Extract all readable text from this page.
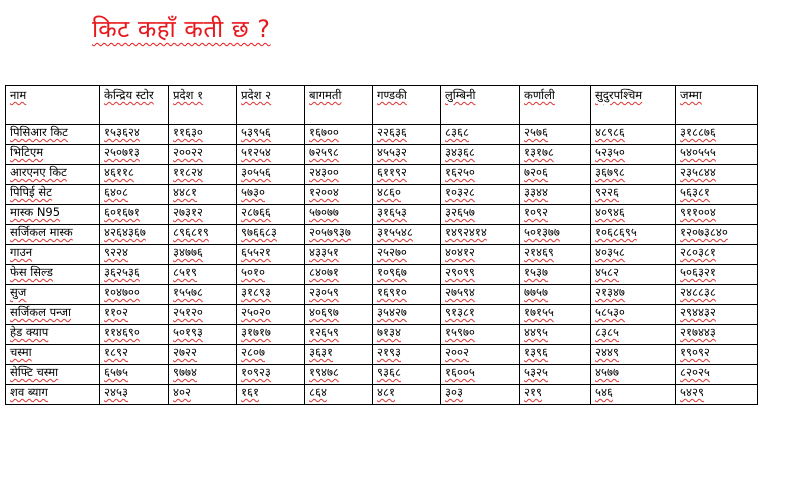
किट कहाँ कती छ ?
नाम	केन्द्रिय स्टोर	प्रदेश १	प्रदेश २	बागमती	गण्डकी	लुम्बिनी	कर्णाली	सुदुरपश्चिम	जम्मा
पिसिआर किट	१५३६२४	११६३०	५३९५६	१६७००	२२६३६	८३६८	२५७६	४८९८६	३१८८७६
भिटिएम	२५०७१३	२००२२	५१२५४	७२५९८	४५५३२	३४३६८	१३१७८	५२३५०	५४०५५५
आरएनए किट	४६११८	११८२४	३०५५६	२४३००	६११९२	१६२५०	७२०६	३६७९८	२३५८४४
पिपिई सेट	६४०८	४४८१	५७३०	१२००४	४८६०	१०३२८	३३४४	९२२६	५६३८१
मास्क N95	६०१६७१	२७३१२	२८७६६	५७०७७	३१६५३	३२६५७	१०९२	४०९४६	९११००४
सर्जिकल मास्क	४२६४३६७	८९६८१९	९७६६८३	२०५७९३७	३१५५४८	१४९२४१४	५०१३७७	१०६८६९५	१२०७३८४०
गाउन	९२२४	३४७७६	६५५२१	४३३५१	२५२७०	४०४१२	२१४६९	४०३५८	२८०३८१
फेस सिल्ड	३६२५३६	८५१९	५०१०	८४०७१	१०९६७	२९०९९	१५३७	४५८२	५०६३२१
सुज	१०४७००	१५५७८	३१८९३	२३०५९	१६९१०	२७५९४	७७५७	२१३४७	२४८८३८
सर्जिकल पन्जा	११०२	२५१२०	२५०२०	४०६९७	३५४२७	९१३८१	१७१५५	५८५३०	२९४४३२
हेड क्याप	११४६९०	५०१९३	३१७१७	१२६५९	७१३४	१५९७०	४४९५	८३८५	२१७४४३
चस्मा	१८९२	२७२२	२८०७	३६३१	२१९३	२००२	१३९६	२४४९	१९०९२
सेफ्टि चस्मा	६५७५	९७७४	१०९२३	१९४७८	९३६८	१६००५	५३२५	४५७७	८२०२५
शव ब्याग	२४५३	४०२	१६१	८६४	४८१	३०३	२१९	५४६	५४२९
